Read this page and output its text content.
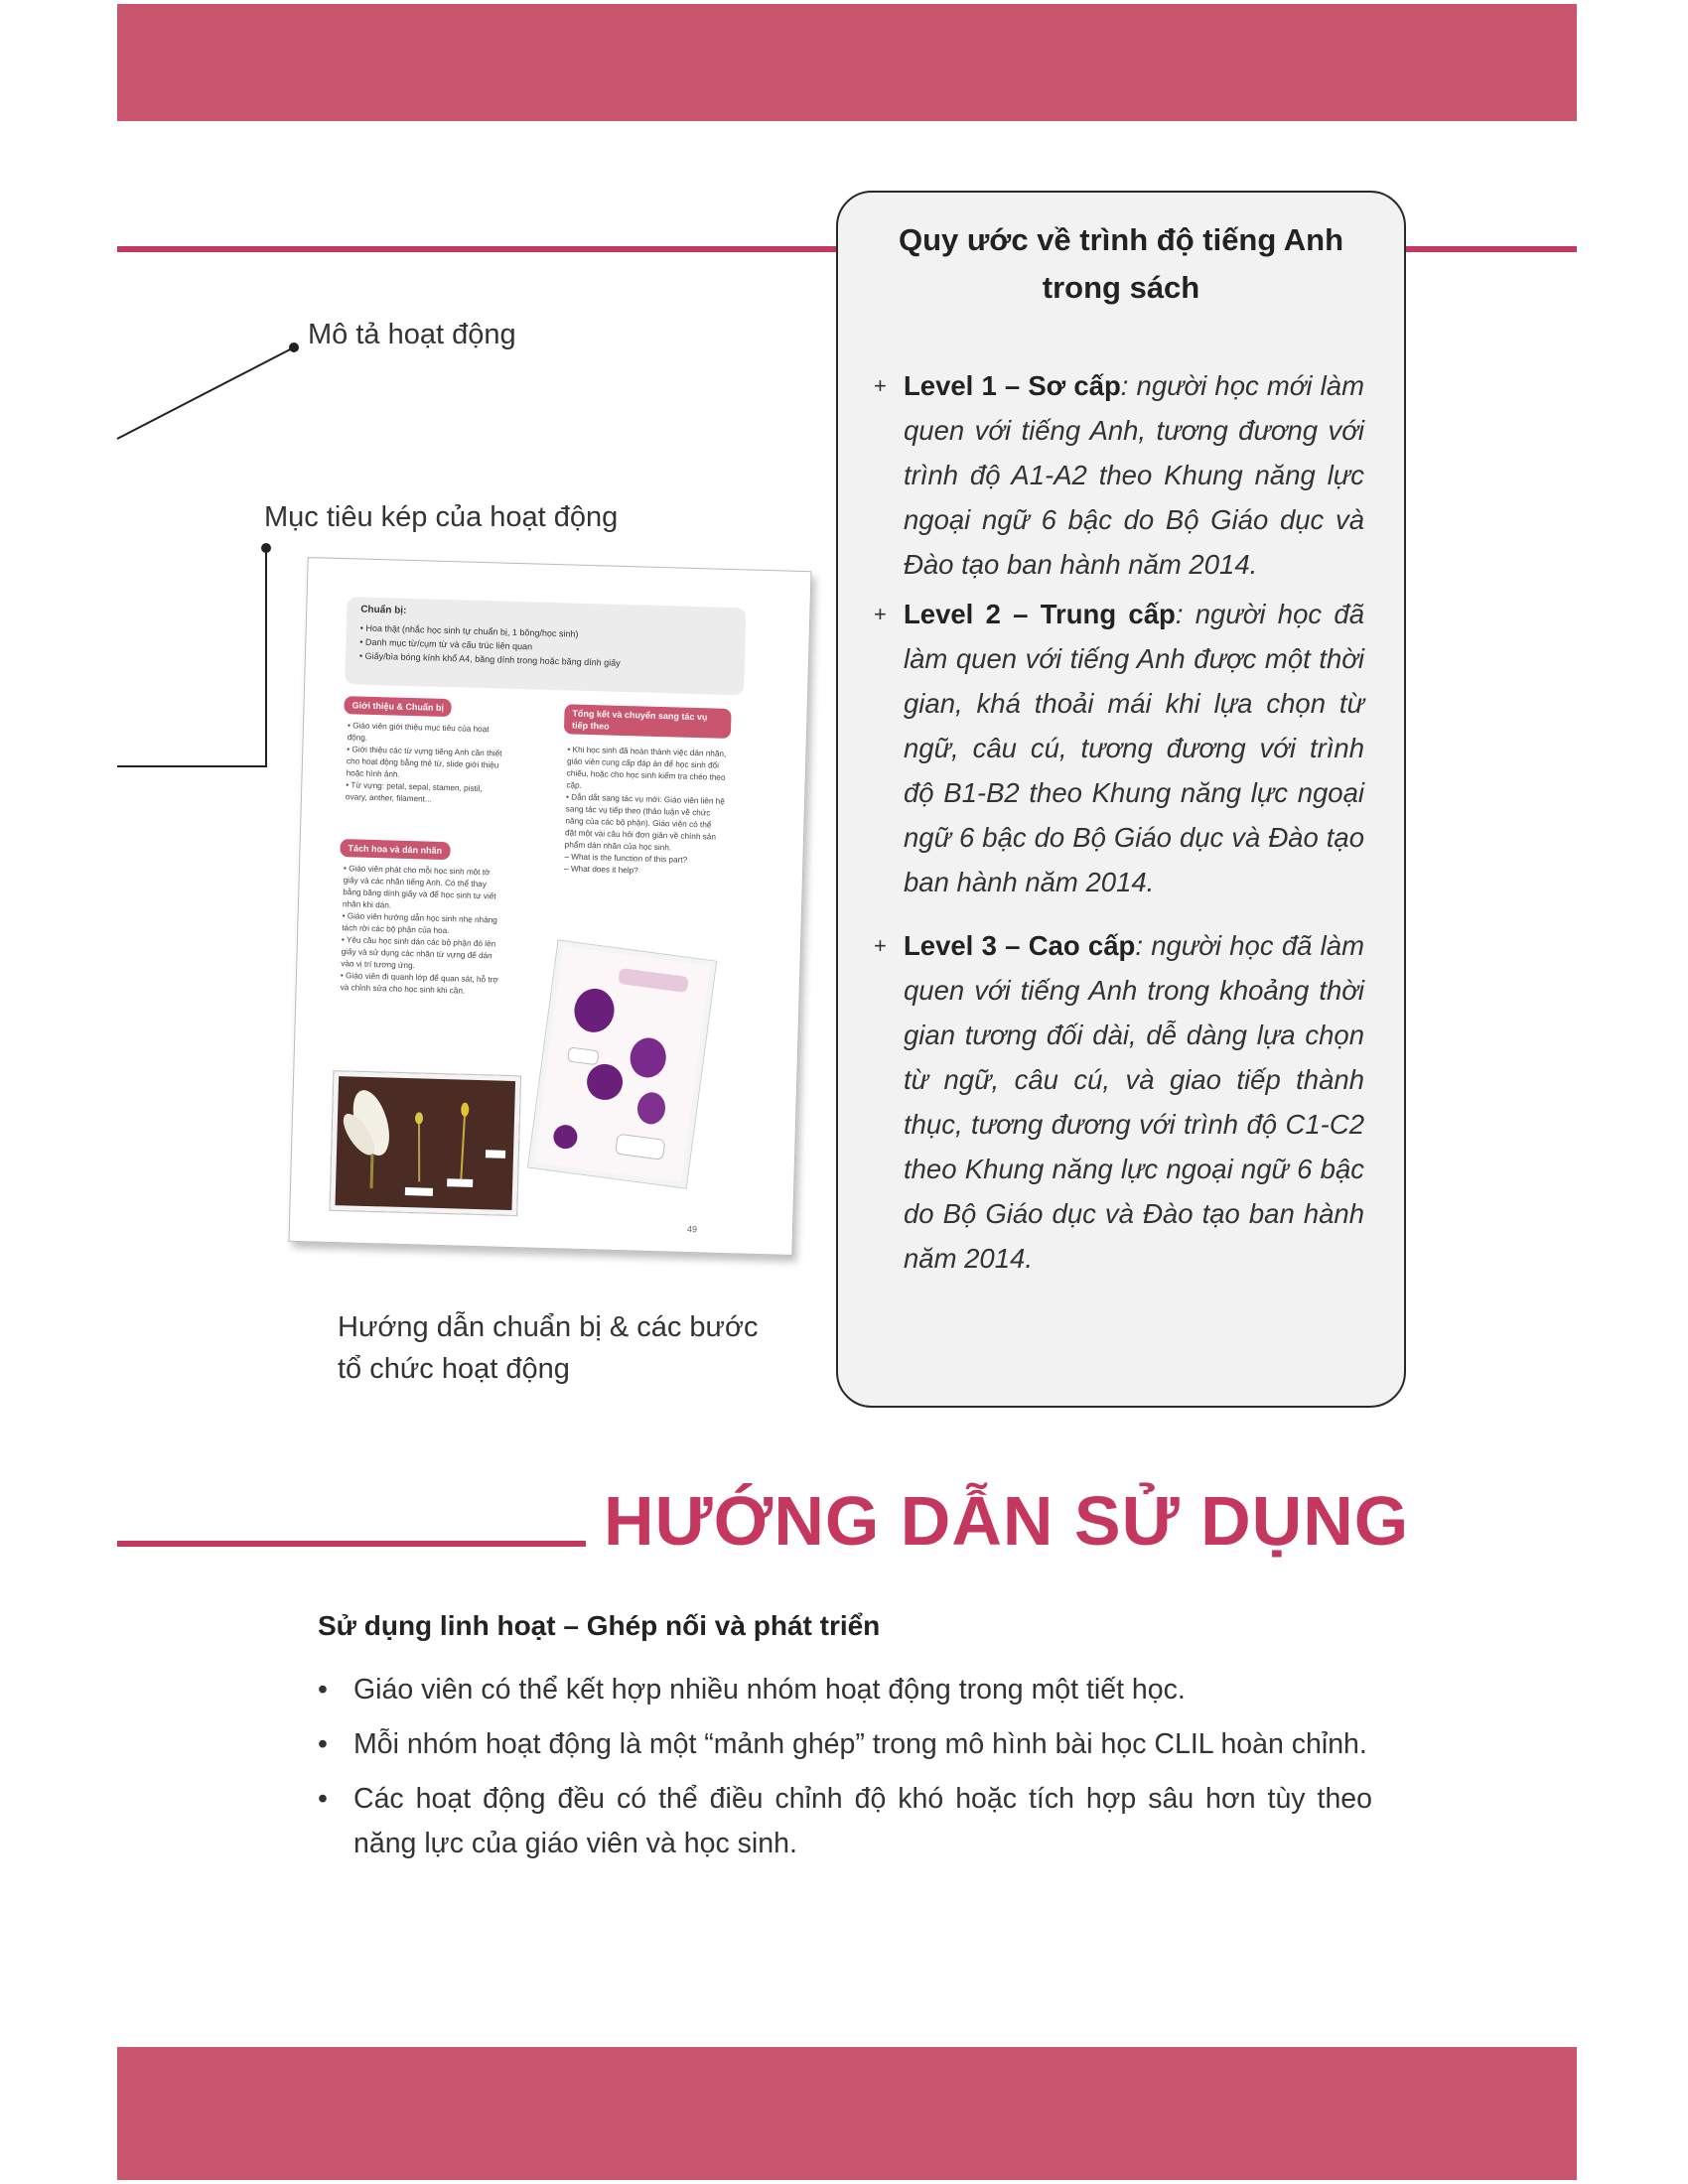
Mô tả hoạt động
Mục tiêu kép của hoạt động
Hướng dẫn chuẩn bị & các bước
tổ chức hoạt động
Chuẩn bị:
• Hoa thật (nhắc học sinh tự chuẩn bị, 1 bông/học sinh)
• Danh mục từ/cụm từ và cấu trúc liên quan
• Giấy/bìa bóng kính khổ A4, băng dính trong hoặc băng dính giấy
Giới thiệu & Chuẩn bị
• Giáo viên giới thiệu mục tiêu của hoạt động.
• Giới thiệu các từ vựng tiếng Anh cần thiết cho hoạt động bằng thẻ từ, slide giới thiệu hoặc hình ảnh.
• Từ vựng: petal, sepal, stamen, pistil, ovary, anther, filament...
Tách hoa và dán nhãn
• Giáo viên phát cho mỗi học sinh một tờ giấy và các nhãn tiếng Anh. Có thể thay bằng băng dính giấy và để học sinh tự viết nhãn khi dán.
• Giáo viên hướng dẫn học sinh nhẹ nhàng tách rời các bộ phận của hoa.
• Yêu cầu học sinh dán các bộ phận đó lên giấy và sử dụng các nhãn từ vựng để dán vào vị trí tương ứng.
• Giáo viên đi quanh lớp để quan sát, hỗ trợ và chỉnh sửa cho học sinh khi cần.
Tổng kết và chuyển sang tác vụ tiếp theo
• Khi học sinh đã hoàn thành việc dán nhãn, giáo viên cung cấp đáp án để học sinh đối chiếu, hoặc cho học sinh kiểm tra chéo theo cặp.
• Dẫn dắt sang tác vụ mới: Giáo viên liên hệ sang tác vụ tiếp theo (thảo luận về chức năng của các bộ phận). Giáo viên có thể đặt một vài câu hỏi đơn giản về chính sản phẩm dán nhãn của học sinh.
– What is the function of this part?
– What does it help?
49
Quy ước về trình độ tiếng Anh
trong sách
+ Level 1 – Sơ cấp: người học mới làm quen với tiếng Anh, tương đương với trình độ A1-A2 theo Khung năng lực ngoại ngữ 6 bậc do Bộ Giáo dục và Đào tạo ban hành năm 2014.
+ Level 2 – Trung cấp: người học đã làm quen với tiếng Anh được một thời gian, khá thoải mái khi lựa chọn từ ngữ, câu cú, tương đương với trình độ B1-B2 theo Khung năng lực ngoại ngữ 6 bậc do Bộ Giáo dục và Đào tạo ban hành năm 2014.
+ Level 3 – Cao cấp: người học đã làm quen với tiếng Anh trong khoảng thời gian tương đối dài, dễ dàng lựa chọn từ ngữ, câu cú, và giao tiếp thành thục, tương đương với trình độ C1-C2 theo Khung năng lực ngoại ngữ 6 bậc do Bộ Giáo dục và Đào tạo ban hành năm 2014.
HƯỚNG DẪN SỬ DỤNG
Sử dụng linh hoạt – Ghép nối và phát triển
• Giáo viên có thể kết hợp nhiều nhóm hoạt động trong một tiết học.
• Mỗi nhóm hoạt động là một “mảnh ghép” trong mô hình bài học CLIL hoàn chỉnh.
• Các hoạt động đều có thể điều chỉnh độ khó hoặc tích hợp sâu hơn tùy theo năng lực của giáo viên và học sinh.
